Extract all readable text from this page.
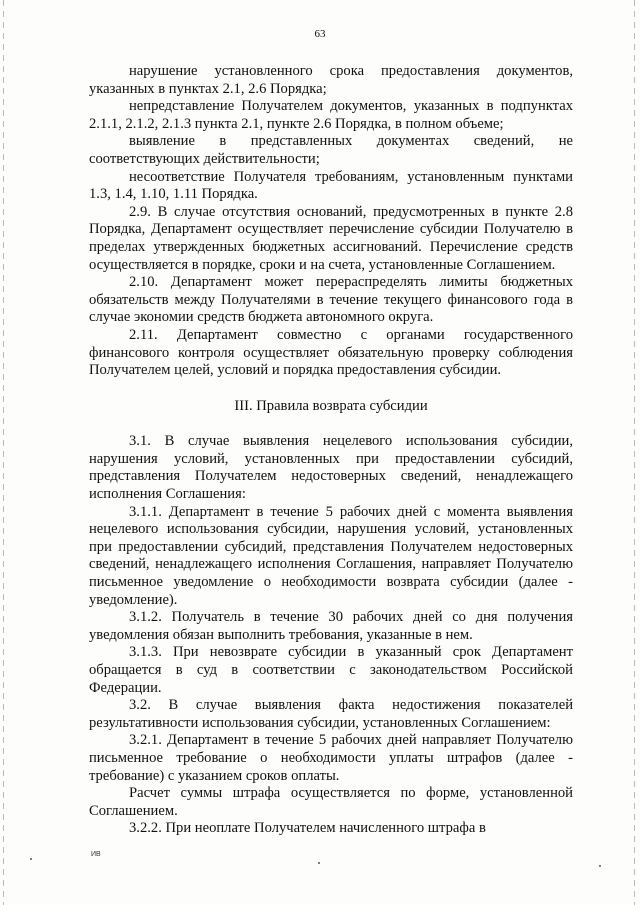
63

нарушение установленного срока предоставления документов, указанных в пунктах 2.1, 2.6 Порядка;

непредставление Получателем документов, указанных в подпунктах 2.1.1, 2.1.2, 2.1.3 пункта 2.1, пункте 2.6 Порядка, в полном объеме;

выявление в представленных документах сведений, не соответствующих действительности;

несоответствие Получателя требованиям, установленным пунктами 1.3, 1.4, 1.10, 1.11 Порядка.

2.9. В случае отсутствия оснований, предусмотренных в пункте 2.8 Порядка, Департамент осуществляет перечисление субсидии Получателю в пределах утвержденных бюджетных ассигнований. Перечисление средств осуществляется в порядке, сроки и на счета, установленные Соглашением.

2.10. Департамент может перераспределять лимиты бюджетных обязательств между Получателями в течение текущего финансового года в случае экономии средств бюджета автономного округа.

2.11. Департамент совместно с органами государственного финансового контроля осуществляет обязательную проверку соблюдения Получателем целей, условий и порядка предоставления субсидии.

III. Правила возврата субсидии

3.1. В случае выявления нецелевого использования субсидии, нарушения условий, установленных при предоставлении субсидий, представления Получателем недостоверных сведений, ненадлежащего исполнения Соглашения:

3.1.1. Департамент в течение 5 рабочих дней с момента выявления нецелевого использования субсидии, нарушения условий, установленных при предоставлении субсидий, представления Получателем недостоверных сведений, ненадлежащего исполнения Соглашения, направляет Получателю письменное уведомление о необходимости возврата субсидии (далее - уведомление).

3.1.2. Получатель в течение 30 рабочих дней со дня получения уведомления обязан выполнить требования, указанные в нем.

3.1.3. При невозврате субсидии в указанный срок Департамент обращается в суд в соответствии с законодательством Российской Федерации.

3.2. В случае выявления факта недостижения показателей результативности использования субсидии, установленных Соглашением:

3.2.1. Департамент в течение 5 рабочих дней направляет Получателю письменное требование о необходимости уплаты штрафов (далее - требование) с указанием сроков оплаты.

Расчет суммы штрафа осуществляется по форме, установленной Соглашением.

3.2.2. При неоплате Получателем начисленного штрафа в

ИВ
